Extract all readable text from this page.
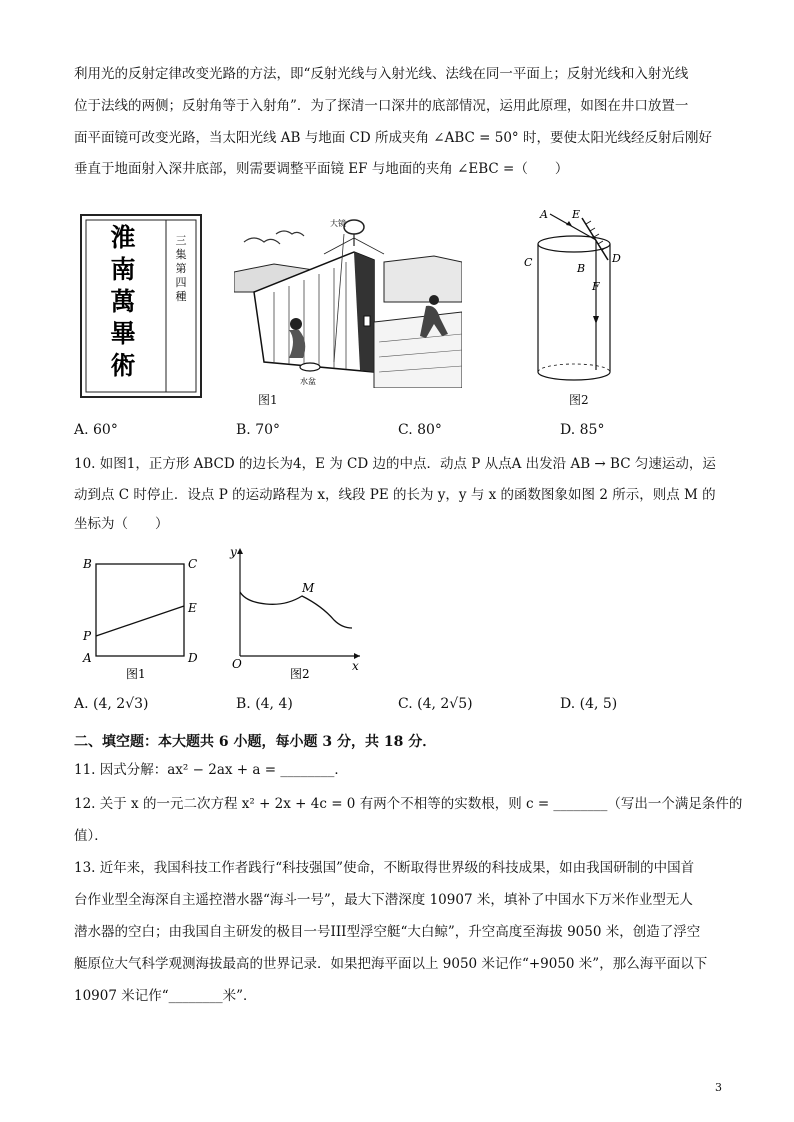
利用光的反射定律改变光路的方法，即“反射光线与入射光线、法线在同一平面上；反射光线和入射光线
位于法线的两侧；反射角等于入射角”．为了探清一口深井的底部情况，运用此原理，如图在井口放置一
面平面镜可改变光路，当太阳光线 AB 与地面 CD 所成夹角 ∠ABC = 50° 时，要使太阳光线经反射后刚好
垂直于地面射入深井底部，则需要调整平面镜 EF 与地面的夹角 ∠EBC =（　　）
淮
南
萬
畢
術
三
集
第
四
種
大镜
水盆
图1
A E
C	B
D
F
图2
A. 60°	B. 70°	C. 80°	D. 85°
10. 如图1，正方形 ABCD 的边长为4，E 为 CD 边的中点．动点 P 从点A 出发沿 AB → BC 匀速运动，运
动到点 C 时停止．设点 P 的运动路程为 x，线段 PE 的长为 y，y 与 x 的函数图象如图 2 所示，则点 M 的
坐标为（　　）
B	C
A	D
E
P
图1
y
x
O
M
图2
A. (4, 2√3)	B. (4, 4)	C. (4, 2√5)	D. (4, 5)
二、填空题：本大题共 6 小题，每小题 3 分，共 18 分．
11. 因式分解：ax² − 2ax + a = ________．
12. 关于 x 的一元二次方程 x² + 2x + 4c = 0 有两个不相等的实数根，则 c = ________（写出一个满足条件的
值）．
13. 近年来，我国科技工作者践行“科技强国”使命，不断取得世界级的科技成果，如由我国研制的中国首
台作业型全海深自主遥控潜水器“海斗一号”，最大下潜深度 10907 米，填补了中国水下万米作业型无人
潜水器的空白；由我国自主研发的极目一号III型浮空艇“大白鲸”，升空高度至海拔 9050 米，创造了浮空
艇原位大气科学观测海拔最高的世界记录．如果把海平面以上 9050 米记作“+9050 米”，那么海平面以下
10907 米记作“________米”．
3
